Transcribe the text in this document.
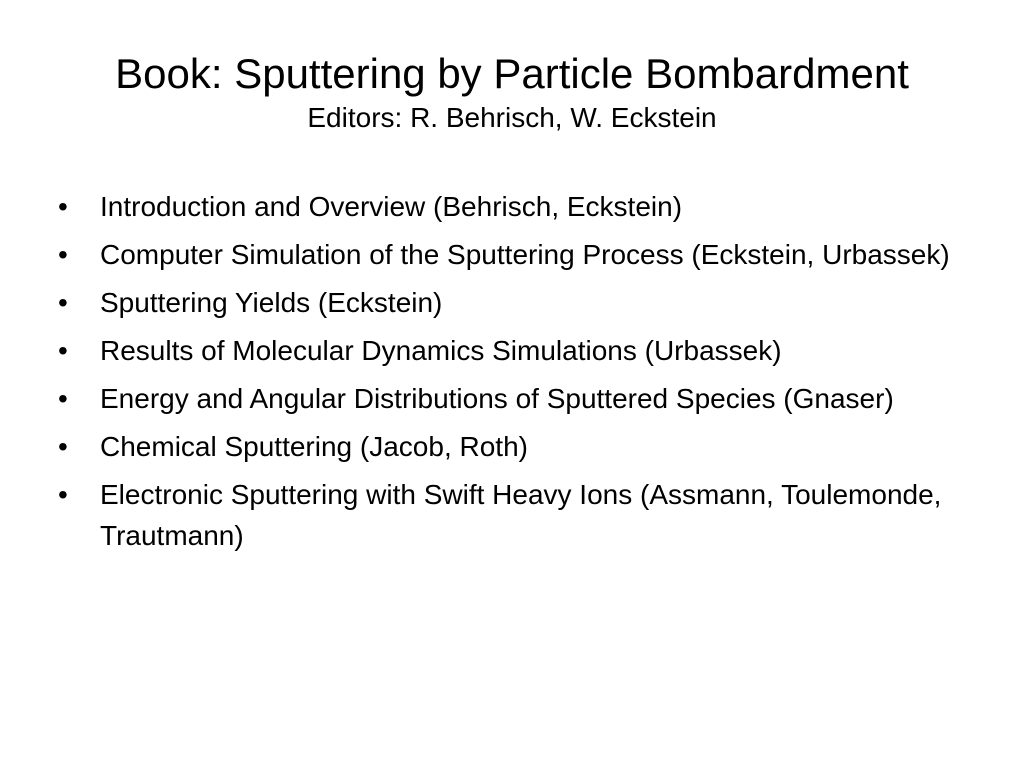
Book: Sputtering by Particle Bombardment
Editors: R. Behrisch, W. Eckstein
•	Introduction and Overview (Behrisch, Eckstein)
•	Computer Simulation of the Sputtering Process (Eckstein, Urbassek)
•	Sputtering Yields (Eckstein)
•	Results of Molecular Dynamics Simulations (Urbassek)
•	Energy and Angular Distributions of Sputtered Species (Gnaser)
•	Chemical Sputtering (Jacob, Roth)
•	Electronic Sputtering with Swift Heavy Ions (Assmann, Toulemonde, Trautmann)
